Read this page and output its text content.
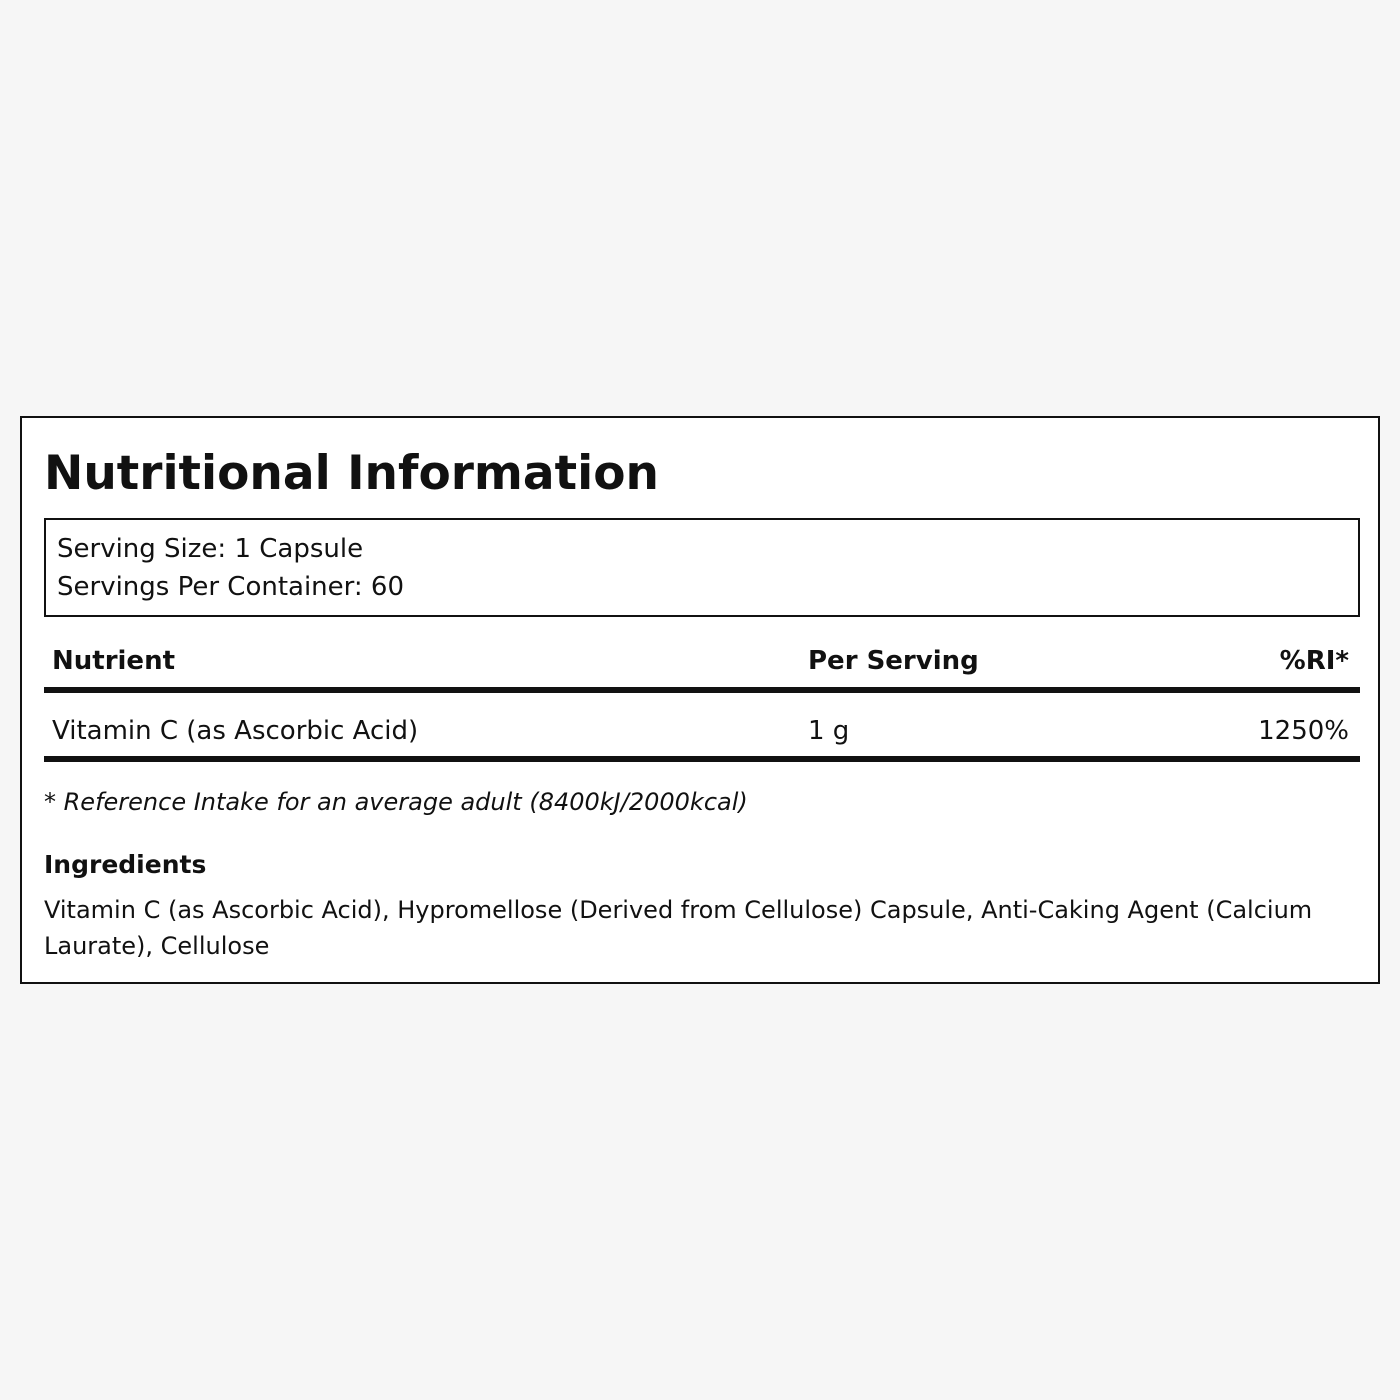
Nutritional Information
Serving Size: 1 Capsule
Servings Per Container: 60
Nutrient	Per Serving	%RI*
Vitamin C (as Ascorbic Acid)	1 g	1250%
* Reference Intake for an average adult (8400kJ/2000kcal)
Ingredients

Vitamin C (as Ascorbic Acid), Hypromellose (Derived from Cellulose) Capsule, Anti-Caking Agent (Calcium Laurate), Cellulose
